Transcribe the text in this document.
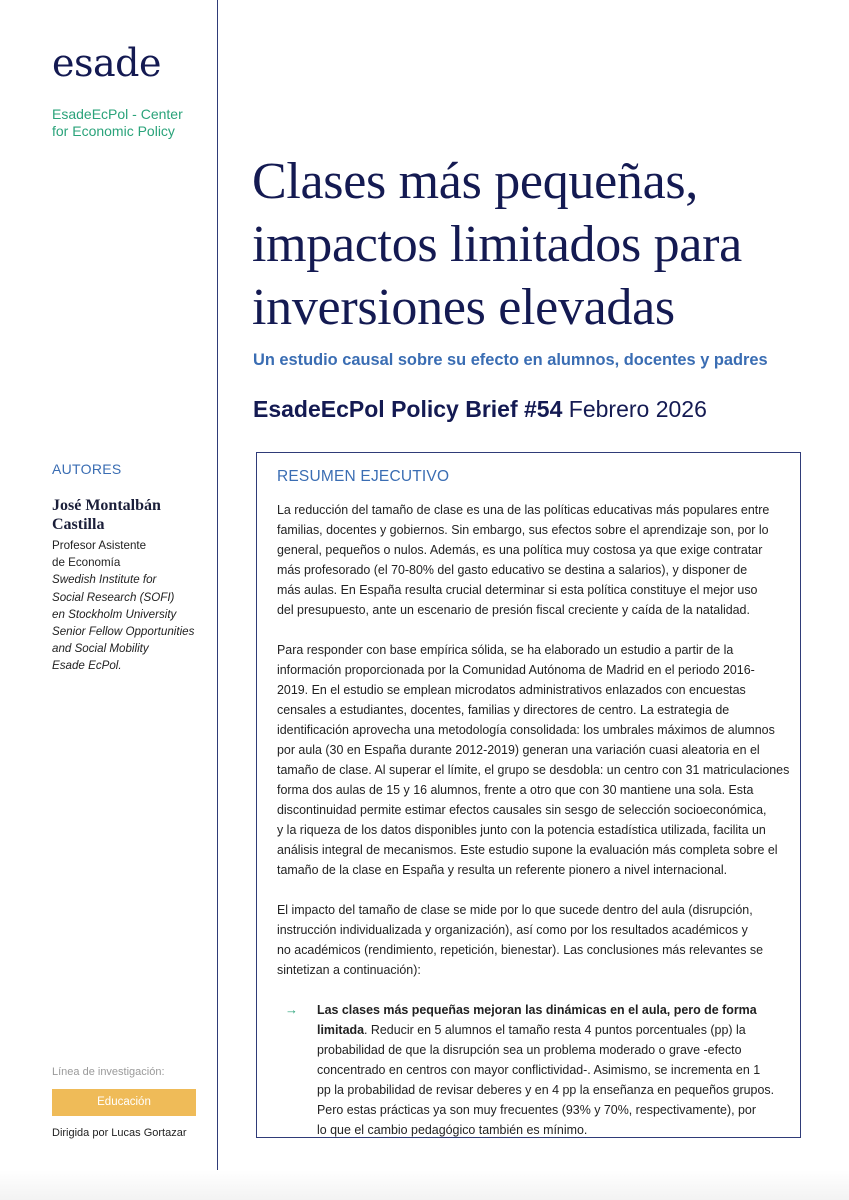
esade
EsadeEcPol - Center
for Economic Policy
AUTORES
José Montalbán
Castilla
Profesor Asistente
de Economía
Swedish Institute for
Social Research (SOFI)
en Stockholm University
Senior Fellow Opportunities
and Social Mobility
Esade EcPol.
Línea de investigación:
Educación
Dirigida por Lucas Gortazar
Clases más pequeñas,
impactos limitados para
inversiones elevadas
Un estudio causal sobre su efecto en alumnos, docentes y padres
EsadeEcPol Policy Brief #54 Febrero 2026
RESUMEN EJECUTIVO
La reducción del tamaño de clase es una de las políticas educativas más populares entre
familias, docentes y gobiernos. Sin embargo, sus efectos sobre el aprendizaje son, por lo
general, pequeños o nulos. Además, es una política muy costosa ya que exige contratar
más profesorado (el 70-80% del gasto educativo se destina a salarios), y disponer de
más aulas. En España resulta crucial determinar si esta política constituye el mejor uso
del presupuesto, ante un escenario de presión fiscal creciente y caída de la natalidad.
Para responder con base empírica sólida, se ha elaborado un estudio a partir de la
información proporcionada por la Comunidad Autónoma de Madrid en el periodo 2016-
2019. En el estudio se emplean microdatos administrativos enlazados con encuestas
censales a estudiantes, docentes, familias y directores de centro. La estrategia de
identificación aprovecha una metodología consolidada: los umbrales máximos de alumnos
por aula (30 en España durante 2012-2019) generan una variación cuasi aleatoria en el
tamaño de clase. Al superar el límite, el grupo se desdobla: un centro con 31 matriculaciones
forma dos aulas de 15 y 16 alumnos, frente a otro que con 30 mantiene una sola. Esta
discontinuidad permite estimar efectos causales sin sesgo de selección socioeconómica,
y la riqueza de los datos disponibles junto con la potencia estadística utilizada, facilita un
análisis integral de mecanismos. Este estudio supone la evaluación más completa sobre el
tamaño de la clase en España y resulta un referente pionero a nivel internacional.
El impacto del tamaño de clase se mide por lo que sucede dentro del aula (disrupción,
instrucción individualizada y organización), así como por los resultados académicos y
no académicos (rendimiento, repetición, bienestar). Las conclusiones más relevantes se
sintetizan a continuación):
→ Las clases más pequeñas mejoran las dinámicas en el aula, pero de forma
limitada. Reducir en 5 alumnos el tamaño resta 4 puntos porcentuales (pp) la
probabilidad de que la disrupción sea un problema moderado o grave -efecto
concentrado en centros con mayor conflictividad-. Asimismo, se incrementa en 1
pp la probabilidad de revisar deberes y en 4 pp la enseñanza en pequeños grupos.
Pero estas prácticas ya son muy frecuentes (93% y 70%, respectivamente), por
lo que el cambio pedagógico también es mínimo.
